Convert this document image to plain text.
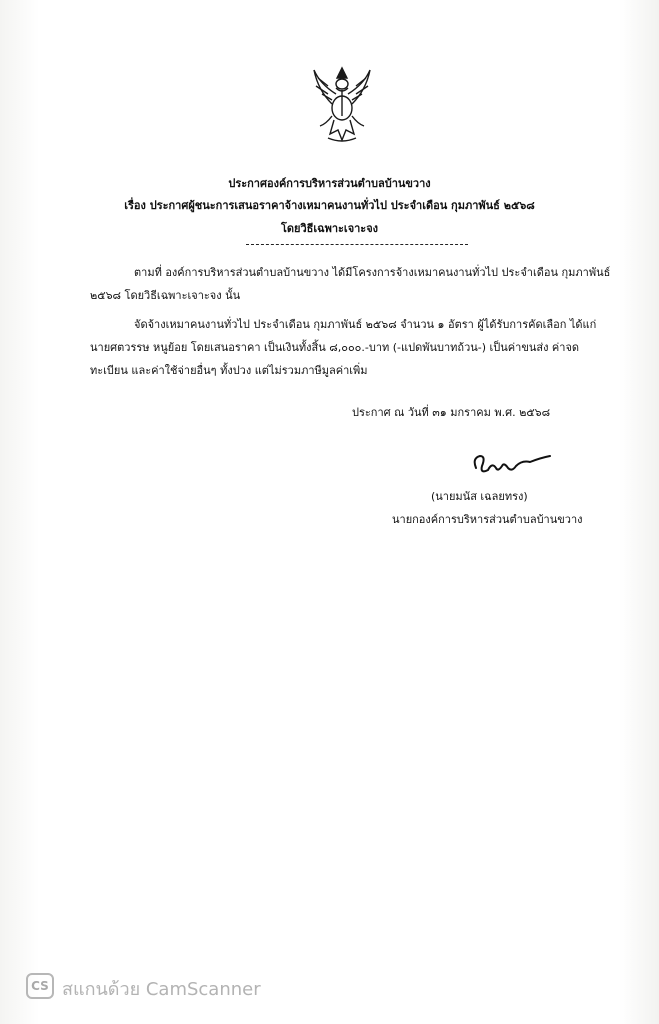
ประกาศองค์การบริหารส่วนตำบลบ้านขวาง
เรื่อง ประกาศผู้ชนะการเสนอราคาจ้างเหมาคนงานทั่วไป ประจำเดือน กุมภาพันธ์ ๒๕๖๘
โดยวิธีเฉพาะเจาะจง
ตามที่ องค์การบริหารส่วนตำบลบ้านขวาง ได้มีโครงการจ้างเหมาคนงานทั่วไป ประจำเดือน กุมภาพันธ์
๒๕๖๘ โดยวิธีเฉพาะเจาะจง นั้น
จัดจ้างเหมาคนงานทั่วไป ประจำเดือน กุมภาพันธ์ ๒๕๖๘ จำนวน ๑ อัตรา ผู้ได้รับการคัดเลือก ได้แก่
นายศตวรรษ หนูย้อย โดยเสนอราคา เป็นเงินทั้งสิ้น ๘,๐๐๐.-บาท (-แปดพันบาทถ้วน-) เป็นค่าขนส่ง ค่าจด
ทะเบียน และค่าใช้จ่ายอื่นๆ ทั้งปวง แต่ไม่รวมภาษีมูลค่าเพิ่ม
ประกาศ ณ วันที่ ๓๑ มกราคม พ.ศ. ๒๕๖๘
(นายมนัส เฉลยทรง)
นายกองค์การบริหารส่วนตำบลบ้านขวาง
CS สแกนด้วย CamScanner
